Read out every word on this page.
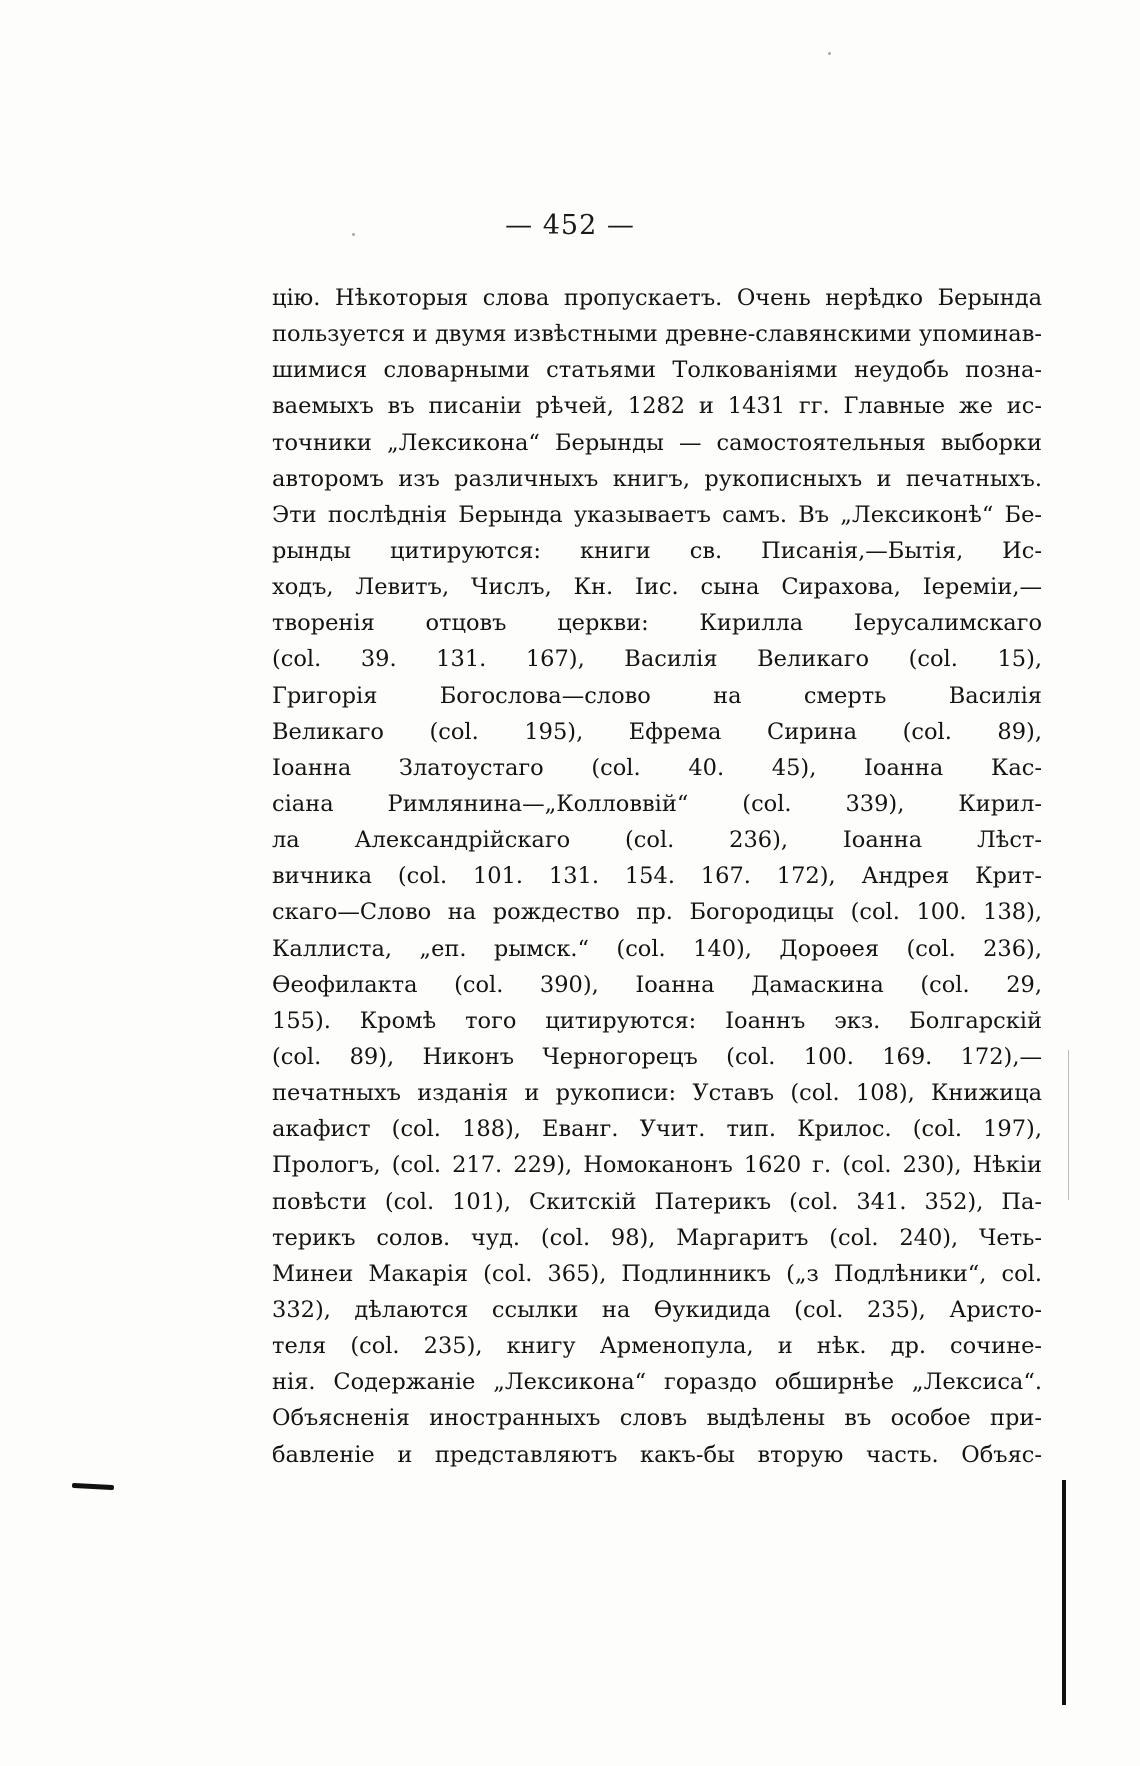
— 452 —
цію. Нѣкоторыя слова пропускаетъ. Очень нерѣдко Берында
пользуется и двумя извѣстными древне-славянскими упоминав-
шимися словарными статьями Толкованіями неудобь позна-
ваемыхъ въ писаніи рѣчей, 1282 и 1431 гг. Главные же ис-
точники „Лексикона“ Берынды — самостоятельныя выборки
авторомъ изъ различныхъ книгъ, рукописныхъ и печатныхъ.
Эти послѣднія Берында указываетъ самъ. Въ „Лексиконѣ“ Бе-
рынды цитируются: книги св. Писанія,—Бытія, Ис-
ходъ, Левитъ, Числъ, Кн. Іис. сына Сирахова, Іереміи,—
творенія отцовъ церкви: Кирилла Іерусалимскаго
(col. 39. 131. 167), Василія Великаго (col. 15),
Григорія Богослова—слово на смерть Василія
Великаго (col. 195), Ефрема Сирина (col. 89),
Іоанна Златоустаго (col. 40. 45), Іоанна Кас-
сіана Римлянина—„Колловвій“ (col. 339), Кирил-
ла Александрійскаго (col. 236), Іоанна Лѣст-
вичника (col. 101. 131. 154. 167. 172), Андрея Крит-
скаго—Слово на рождество пр. Богородицы (col. 100. 138),
Каллиста, „еп. рымск.“ (col. 140), Дороѳея (col. 236),
Ѳеофилакта (col. 390), Іоанна Дамаскина (col. 29,
155). Кромѣ того цитируются: Іоаннъ экз. Болгарскій
(col. 89), Никонъ Черногорецъ (col. 100. 169. 172),—
печатныхъ изданія и рукописи: Уставъ (col. 108), Книжица
акафист (col. 188), Еванг. Учит. тип. Крилос. (col. 197),
Прологъ, (col. 217. 229), Номоканонъ 1620 г. (col. 230), Нѣкіи
повѣсти (col. 101), Скитскій Патерикъ (col. 341. 352), Па-
терикъ солов. чуд. (col. 98), Маргаритъ (col. 240), Четь-
Минеи Макарія (col. 365), Подлинникъ („з Подлѣники“, col.
332), дѣлаются ссылки на Ѳукидида (col. 235), Аристо-
теля (col. 235), книгу Арменопула, и нѣк. др. сочине-
нія. Содержаніе „Лексикона“ гораздо обширнѣе „Лексиса“.
Объясненія иностранныхъ словъ выдѣлены въ особое при-
бавленіе и представляютъ какъ-бы вторую часть. Объяс-
